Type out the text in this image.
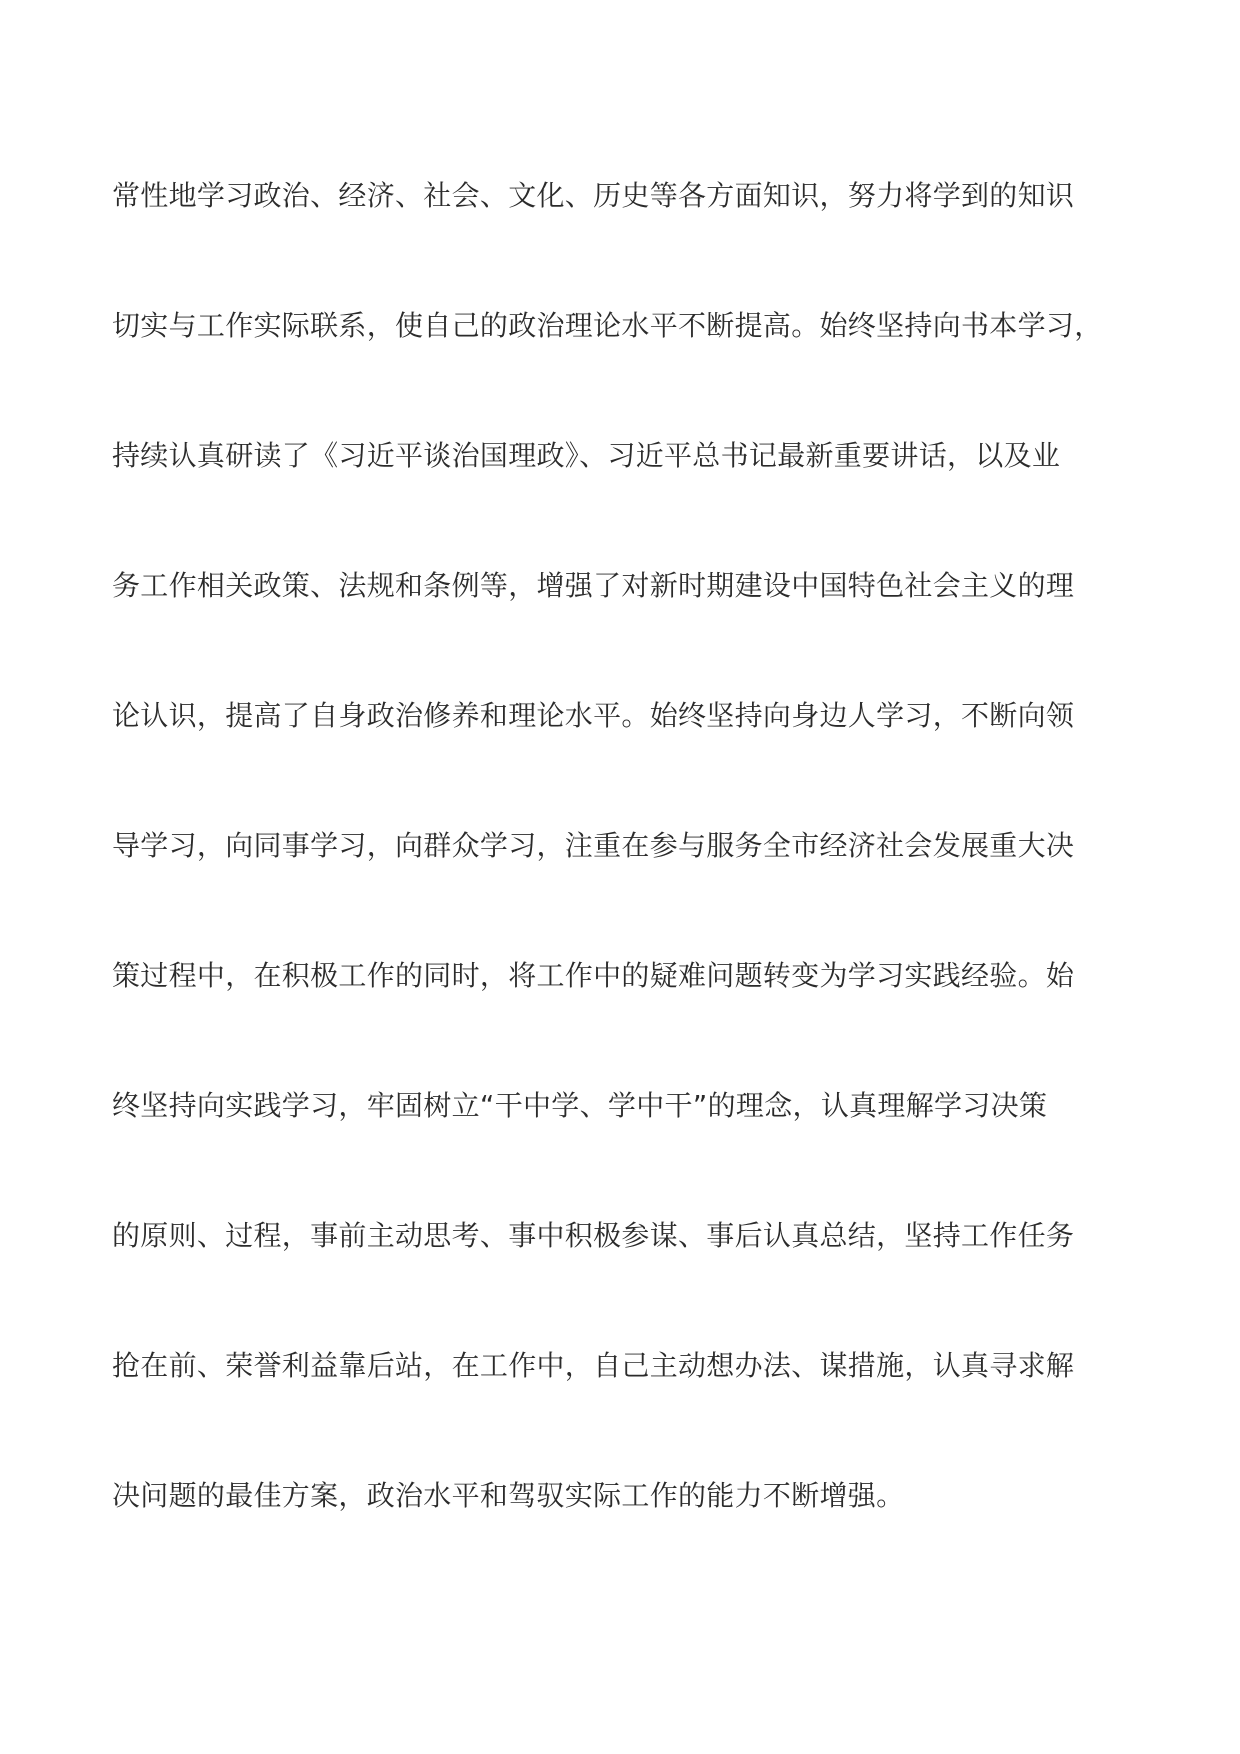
常性地学习政治、经济、社会、文化、历史等各方面知识，努力将学到的知识
切实与工作实际联系，使自己的政治理论水平不断提高。始终坚持向书本学习，
持续认真研读了《习近平谈治国理政》、习近平总书记最新重要讲话，以及业
务工作相关政策、法规和条例等，增强了对新时期建设中国特色社会主义的理
论认识，提高了自身政治修养和理论水平。始终坚持向身边人学习，不断向领
导学习，向同事学习，向群众学习，注重在参与服务全市经济社会发展重大决
策过程中，在积极工作的同时，将工作中的疑难问题转变为学习实践经验。始
终坚持向实践学习，牢固树立“干中学、学中干”的理念，认真理解学习决策
的原则、过程，事前主动思考、事中积极参谋、事后认真总结，坚持工作任务
抢在前、荣誉利益靠后站，在工作中，自己主动想办法、谋措施，认真寻求解
决问题的最佳方案，政治水平和驾驭实际工作的能力不断增强。
